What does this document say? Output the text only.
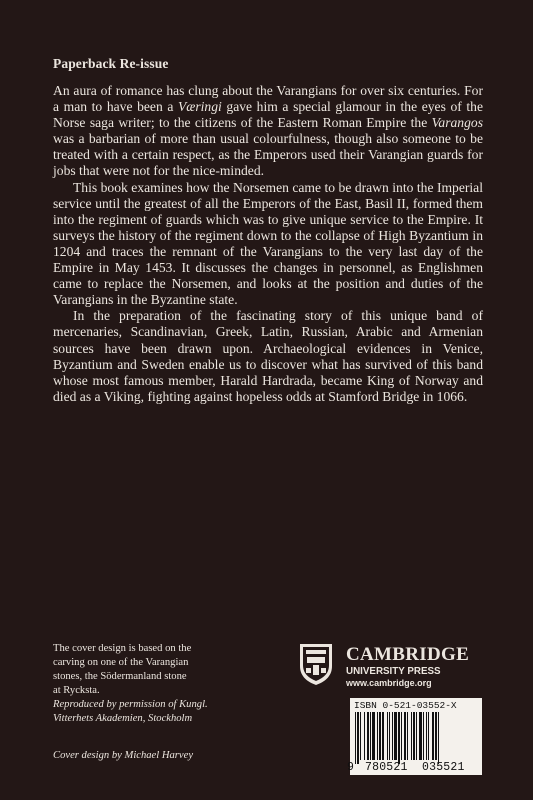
Paperback Re-issue

An aura of romance has clung about the Varangians for over six centuries. For a man to have been a Væringi gave him a special glamour in the eyes of the Norse saga writer; to the citizens of the Eastern Roman Empire the Varangos was a barbarian of more than usual colourfulness, though also someone to be treated with a certain respect, as the Emperors used their Varangian guards for jobs that were not for the nice-minded.

This book examines how the Norsemen came to be drawn into the Imperial service until the greatest of all the Emperors of the East, Basil II, formed them into the regiment of guards which was to give unique service to the Empire. It surveys the history of the regiment down to the collapse of High Byzantium in 1204 and traces the remnant of the Varangians to the very last day of the Empire in May 1453. It discusses the changes in personnel, as Englishmen came to replace the Norsemen, and looks at the position and duties of the Varangians in the Byzantine state.

In the preparation of the fascinating story of this unique band of mercenaries, Scandinavian, Greek, Latin, Russian, Arabic and Armenian sources have been drawn upon. Archaeological evidences in Venice, Byzantium and Sweden enable us to discover what has survived of this band whose most famous member, Harald Hardrada, became King of Norway and died as a Viking, fighting against hopeless odds at Stamford Bridge in 1066.

The cover design is based on the
carving on one of the Varangian
stones, the Södermanland stone
at Ryckstа.
Reproduced by permission of Kungl.
Vitterhets Akademien, Stockholm
Cover design by Michael Harvey
CAMBRIDGE
UNIVERSITY PRESS
www.cambridge.org
ISBN 0-521-03552-X
9 780521 035521
